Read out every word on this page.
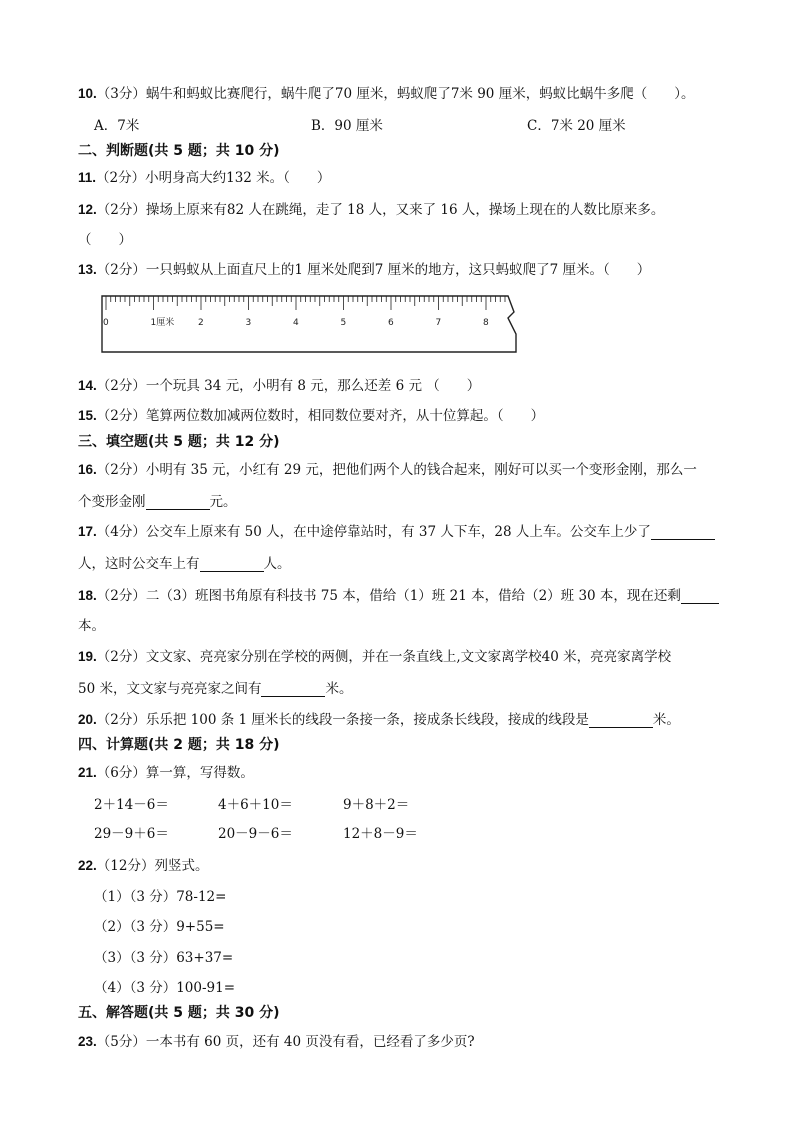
10.（3分）蜗牛和蚂蚁比赛爬行，蜗牛爬了70 厘米，蚂蚁爬了7米 90 厘米，蚂蚁比蜗牛多爬（　　）。
A．7米	B．90 厘米	C．7米 20 厘米
二、判断题(共 5 题；共 10 分)
11.（2分）小明身高大约132 米。（　　）
12.（2分）操场上原来有82 人在跳绳，走了 18 人，又来了 16 人，操场上现在的人数比原来多。
（　　）
13.（2分）一只蚂蚁从上面直尺上的1 厘米处爬到7 厘米的地方，这只蚂蚁爬了7 厘米。（　　）
0	1厘米	2	3	4	5	6	7	8
14.（2分）一个玩具 34 元，小明有 8 元，那么还差 6 元 （　　）
15.（2分）笔算两位数加减两位数时，相同数位要对齐，从十位算起。（　　）
三、填空题(共 5 题；共 12 分)
16.（2分）小明有 35 元，小红有 29 元，把他们两个人的钱合起来，刚好可以买一个变形金刚，那么一
个变形金刚	元。
17.（4分）公交车上原来有 50 人，在中途停靠站时，有 37 人下车，28 人上车。公交车上少了
人，这时公交车上有	人。
18.（2分）二（3）班图书角原有科技书 75 本，借给（1）班 21 本，借给（2）班 30 本，现在还剩
本。
19.（2分）文文家、亮亮家分别在学校的两侧，并在一条直线上,文文家离学校40 米，亮亮家离学校
50 米，文文家与亮亮家之间有	米。
20.（2分）乐乐把 100 条 1 厘米长的线段一条接一条，接成条长线段，接成的线段是	米。
四、计算题(共 2 题；共 18 分)
21.（6分）算一算，写得数。
2＋14－6＝	4＋6＋10＝	9＋8＋2＝
29－9＋6＝	20－9－6＝	12＋8－9＝
22.（12分）列竖式。
（1）（3 分）78-12=
（2）（3 分）9+55=
（3）（3 分）63+37=
（4）（3 分）100-91=
五、解答题(共 5 题；共 30 分)
23.（5分）一本书有 60 页，还有 40 页没有看，已经看了多少页?
